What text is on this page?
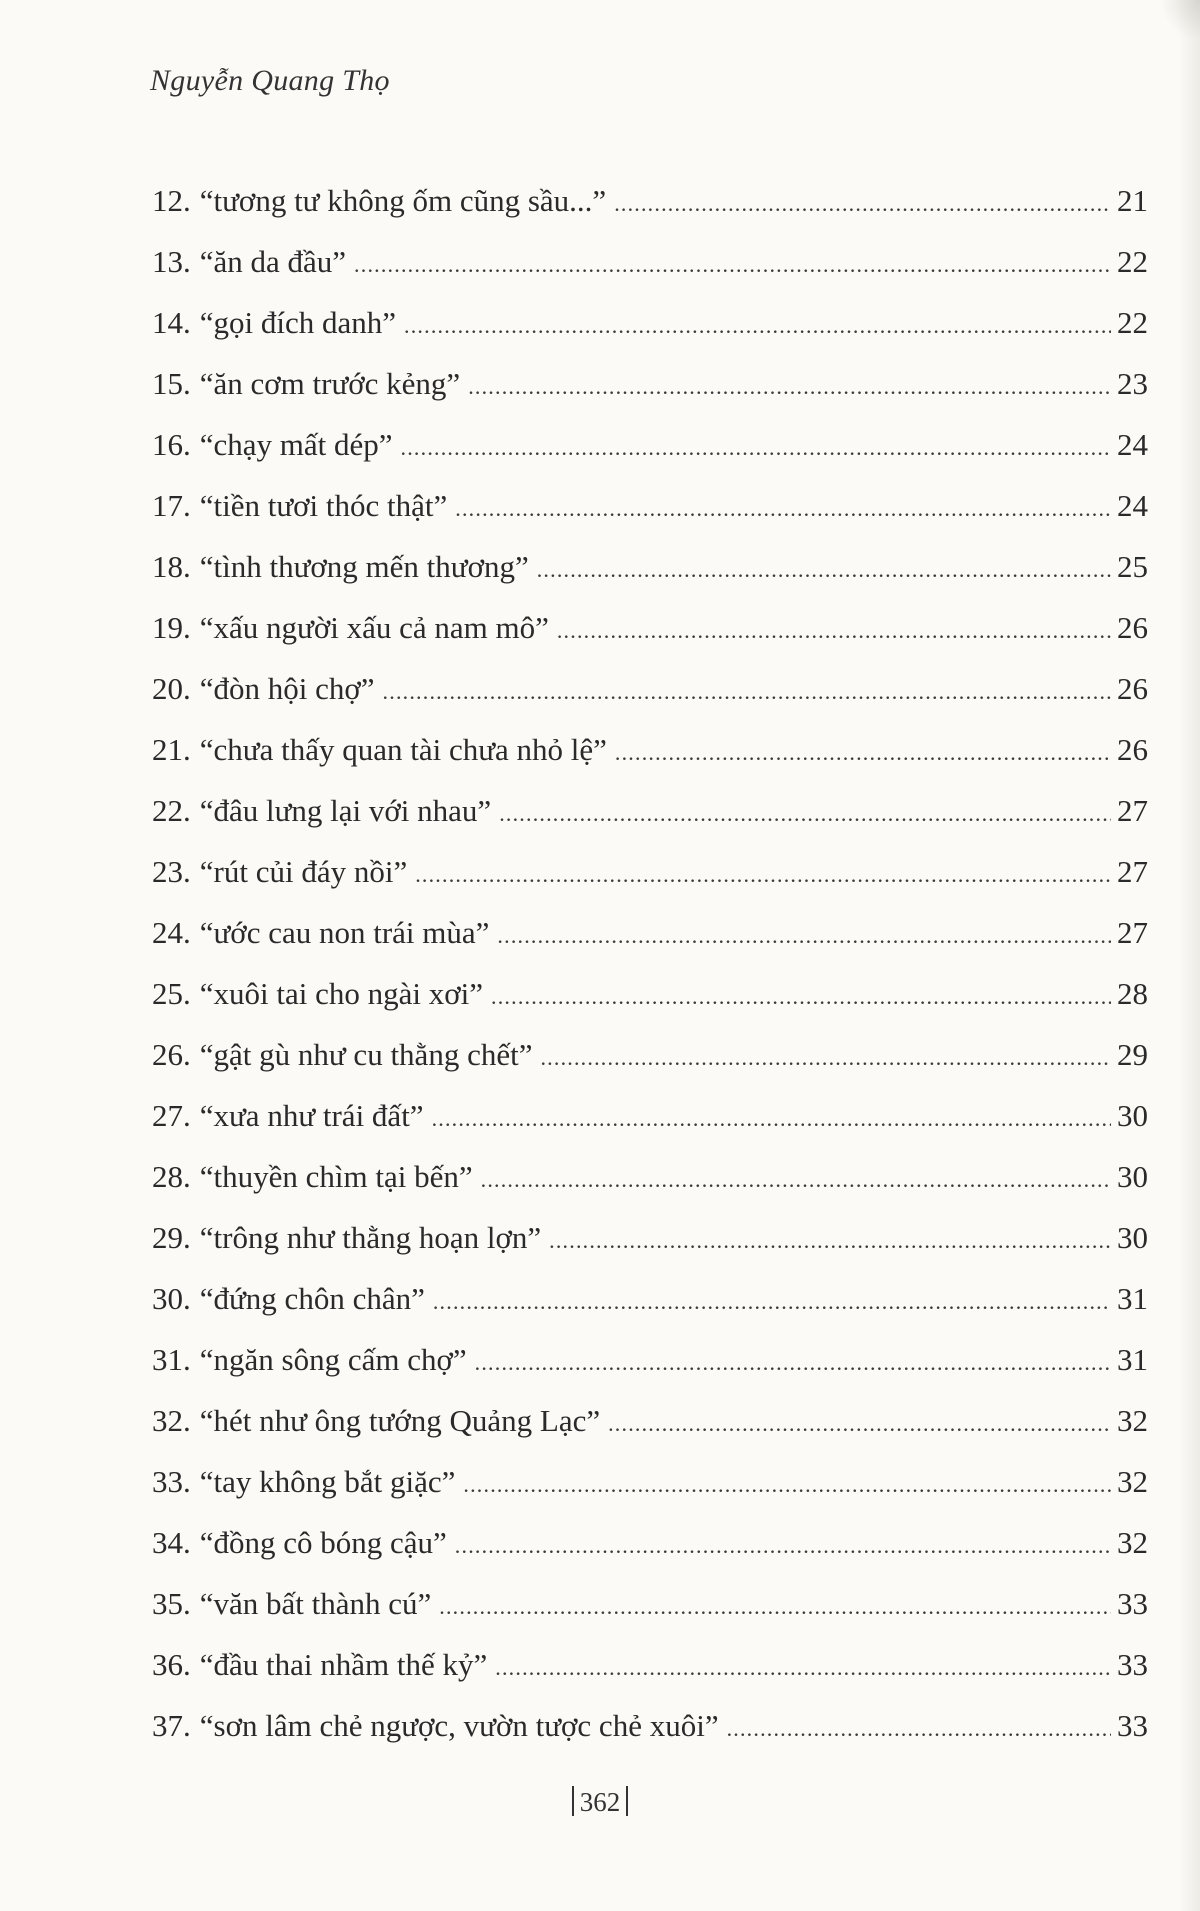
Nguyễn Quang Thọ
12. “tương tư không ốm cũng sầu...” .....	21
13. “ăn da đầu” .....	22
14. “gọi đích danh” .....	22
15. “ăn cơm trước kẻng” .....	23
16. “chạy mất dép” .....	24
17. “tiền tươi thóc thật” .....	24
18. “tình thương mến thương” .....	25
19. “xấu người xấu cả nam mô” .....	26
20. “đòn hội chợ” .....	26
21. “chưa thấy quan tài chưa nhỏ lệ” .....	26
22. “đâu lưng lại với nhau” .....	27
23. “rút củi đáy nồi” .....	27
24. “ước cau non trái mùa” .....	27
25. “xuôi tai cho ngài xơi” .....	28
26. “gật gù như cu thằng chết” .....	29
27. “xưa như trái đất” .....	30
28. “thuyền chìm tại bến” .....	30
29. “trông như thằng hoạn lợn” .....	30
30. “đứng chôn chân” .....	31
31. “ngăn sông cấm chợ” .....	31
32. “hét như ông tướng Quảng Lạc” .....	32
33. “tay không bắt giặc” .....	32
34. “đồng cô bóng cậu” .....	32
35. “văn bất thành cú” .....	33
36. “đầu thai nhầm thế kỷ” .....	33
37. “sơn lâm chẻ ngược, vườn tược chẻ xuôi” .....	33
362
